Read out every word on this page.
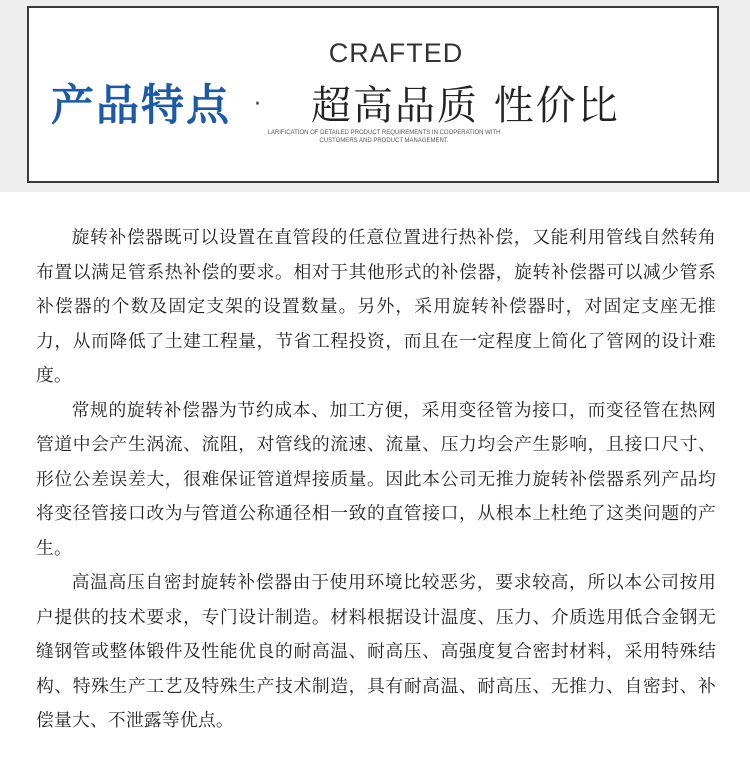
CRAFTED
产品特点 · 超高品质 性价比
LARIFICATION OF DETAILED PRODUCT REQUIREMENTS IN COOPERATION WITH
CUSTOMERS AND PRODUCT MANAGEMENT.

旋转补偿器既可以设置在直管段的任意位置进行热补偿，又能利用管线自然转角布置以满足管系热补偿的要求。相对于其他形式的补偿器，旋转补偿器可以减少管系补偿器的个数及固定支架的设置数量。另外，采用旋转补偿器时，对固定支座无推力，从而降低了土建工程量，节省工程投资，而且在一定程度上简化了管网的设计难度。

常规的旋转补偿器为节约成本、加工方便，采用变径管为接口，而变径管在热网管道中会产生涡流、流阻，对管线的流速、流量、压力均会产生影响，且接口尺寸、形位公差误差大，很难保证管道焊接质量。因此本公司无推力旋转补偿器系列产品均将变径管接口改为与管道公称通径相一致的直管接口，从根本上杜绝了这类问题的产生。

高温高压自密封旋转补偿器由于使用环境比较恶劣，要求较高，所以本公司按用户提供的技术要求，专门设计制造。材料根据设计温度、压力、介质选用低合金钢无缝钢管或整体锻件及性能优良的耐高温、耐高压、高强度复合密封材料，采用特殊结构、特殊生产工艺及特殊生产技术制造，具有耐高温、耐高压、无推力、自密封、补偿量大、不泄露等优点。
